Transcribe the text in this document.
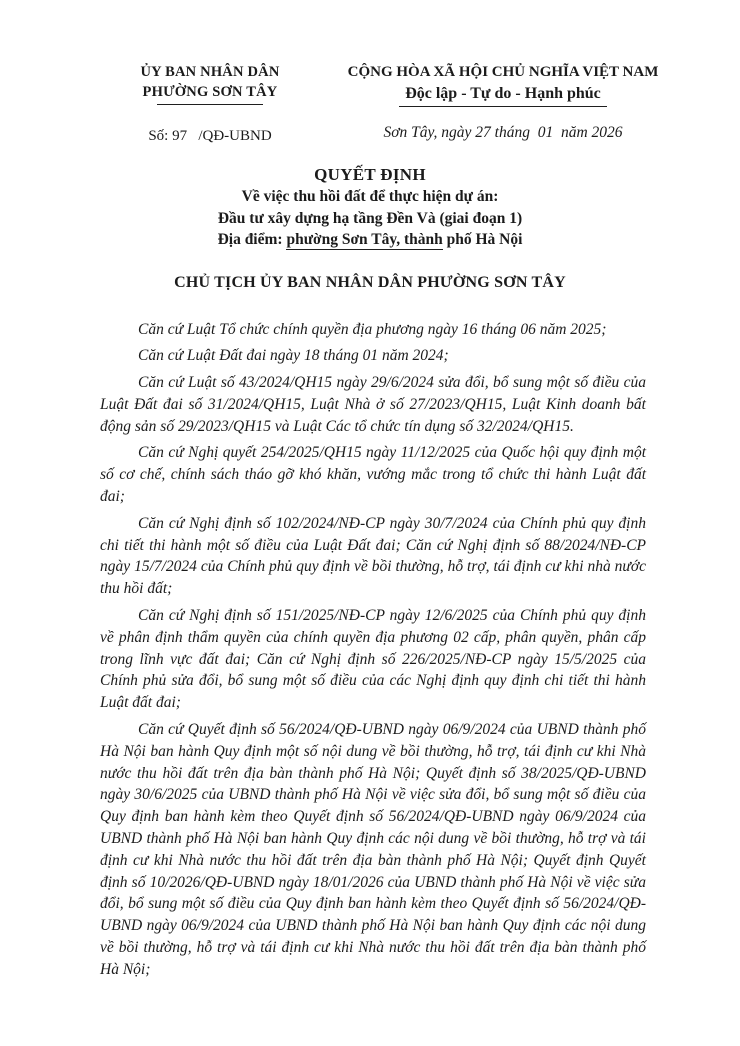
ỦY BAN NHÂN DÂN
PHƯỜNG SƠN TÂY
Số: 97   /QĐ-UBND
CỘNG HÒA XÃ HỘI CHỦ NGHĨA VIỆT NAM
Độc lập - Tự do - Hạnh phúc
Sơn Tây, ngày 27 tháng  01  năm 2026
QUYẾT ĐỊNH
Về việc thu hồi đất để thực hiện dự án:
Đầu tư xây dựng hạ tầng Đền Và (giai đoạn 1)
Địa điểm: phường Sơn Tây, thành phố Hà Nội
CHỦ TỊCH ỦY BAN NHÂN DÂN PHƯỜNG SƠN TÂY

Căn cứ Luật Tổ chức chính quyền địa phương ngày 16 tháng 06 năm 2025;

Căn cứ Luật Đất đai ngày 18 tháng 01 năm 2024;

Căn cứ Luật số 43/2024/QH15 ngày 29/6/2024 sửa đổi, bổ sung một số điều của Luật Đất đai số 31/2024/QH15, Luật Nhà ở số 27/2023/QH15, Luật Kinh doanh bất động sản số 29/2023/QH15 và Luật Các tổ chức tín dụng số 32/2024/QH15.

Căn cứ Nghị quyết 254/2025/QH15 ngày 11/12/2025 của Quốc hội quy định một số cơ chế, chính sách tháo gỡ khó khăn, vướng mắc trong tổ chức thi hành Luật đất đai;

Căn cứ Nghị định số 102/2024/NĐ-CP ngày 30/7/2024 của Chính phủ quy định chi tiết thi hành một số điều của Luật Đất đai; Căn cứ Nghị định số 88/2024/NĐ-CP ngày 15/7/2024 của Chính phủ quy định về bồi thường, hỗ trợ, tái định cư khi nhà nước thu hồi đất;

Căn cứ Nghị định số 151/2025/NĐ-CP ngày 12/6/2025 của Chính phủ quy định về phân định thẩm quyền của chính quyền địa phương 02 cấp, phân quyền, phân cấp trong lĩnh vực đất đai; Căn cứ Nghị định số 226/2025/NĐ-CP ngày 15/5/2025 của Chính phủ sửa đổi, bổ sung một số điều của các Nghị định quy định chi tiết thi hành Luật đất đai;

Căn cứ Quyết định số 56/2024/QĐ-UBND ngày 06/9/2024 của UBND thành phố Hà Nội ban hành Quy định một số nội dung về bồi thường, hỗ trợ, tái định cư khi Nhà nước thu hồi đất trên địa bàn thành phố Hà Nội; Quyết định số 38/2025/QĐ-UBND ngày 30/6/2025 của UBND thành phố Hà Nội về việc sửa đổi, bổ sung một số điều của Quy định ban hành kèm theo Quyết định số 56/2024/QĐ-UBND ngày 06/9/2024 của UBND thành phố Hà Nội ban hành Quy định các nội dung về bồi thường, hỗ trợ và tái định cư khi Nhà nước thu hồi đất trên địa bàn thành phố Hà Nội; Quyết định Quyết định số 10/2026/QĐ-UBND ngày 18/01/2026 của UBND thành phố Hà Nội về việc sửa đổi, bổ sung một số điều của Quy định ban hành kèm theo Quyết định số 56/2024/QĐ-UBND ngày 06/9/2024 của UBND thành phố Hà Nội ban hành Quy định các nội dung về bồi thường, hỗ trợ và tái định cư khi Nhà nước thu hồi đất trên địa bàn thành phố Hà Nội;
